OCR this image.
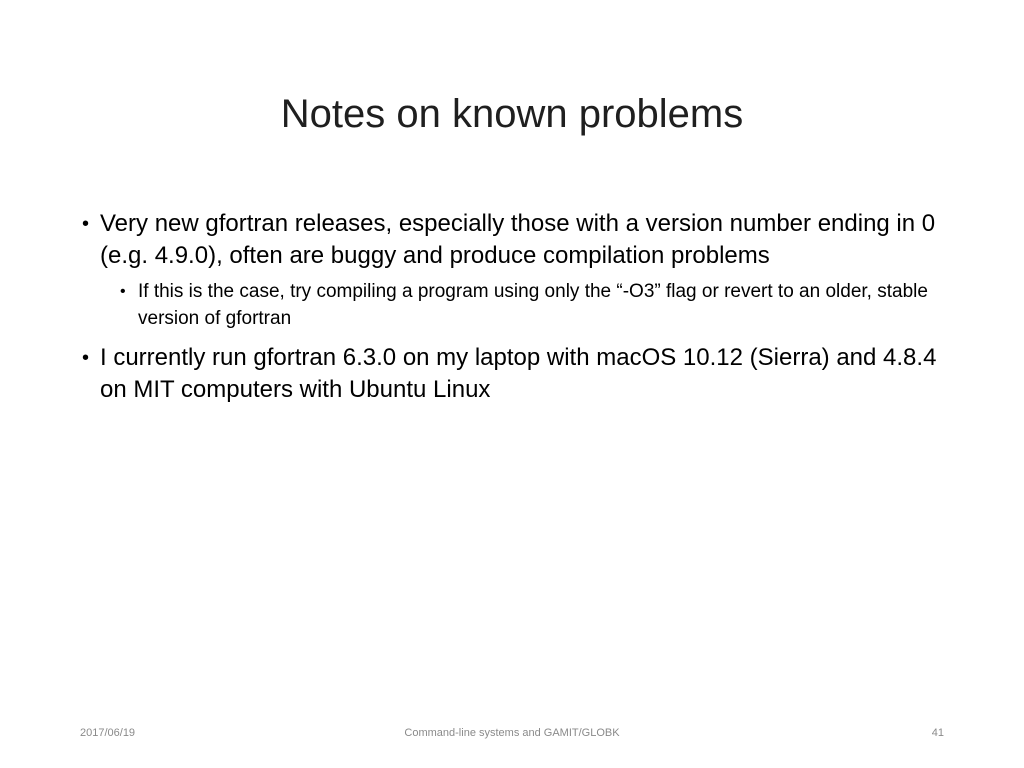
Notes on known problems
• Very new gfortran releases, especially those with a version number ending in 0 (e.g. 4.9.0), often are buggy and produce compilation problems
• If this is the case, try compiling a program using only the “-O3” flag or revert to an older, stable version of gfortran
• I currently run gfortran 6.3.0 on my laptop with macOS 10.12 (Sierra) and 4.8.4 on MIT computers with Ubuntu Linux
2017/06/19	Command-line systems and GAMIT/GLOBK	41
